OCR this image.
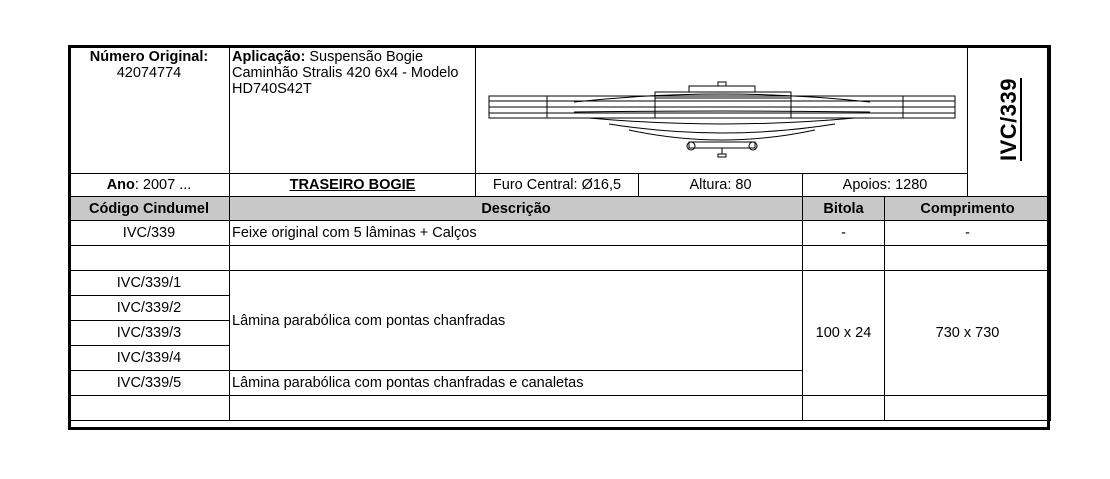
Número Original:
42074774	Aplicação: Suspensão Bogie Caminhão Stralis 420 6x4 - Modelo HD740S42T					IVC/339
Ano: 2007 ...	TRASEIRO BOGIE	Furo Central: Ø16,5	Altura: 80	Apoios: 1280		
Código Cindumel	Descrição			Bitola	Comprimento	
IVC/339	Feixe original com 5 lâminas + Calços			-	-	

IVC/339/1	Lâmina parabólica com pontas chanfradas			100 x 24	730 x 730	
IVC/339/2						
IVC/339/3						
IVC/339/4						
IVC/339/5	Lâmina parabólica com pontas chanfradas e canaletas					
